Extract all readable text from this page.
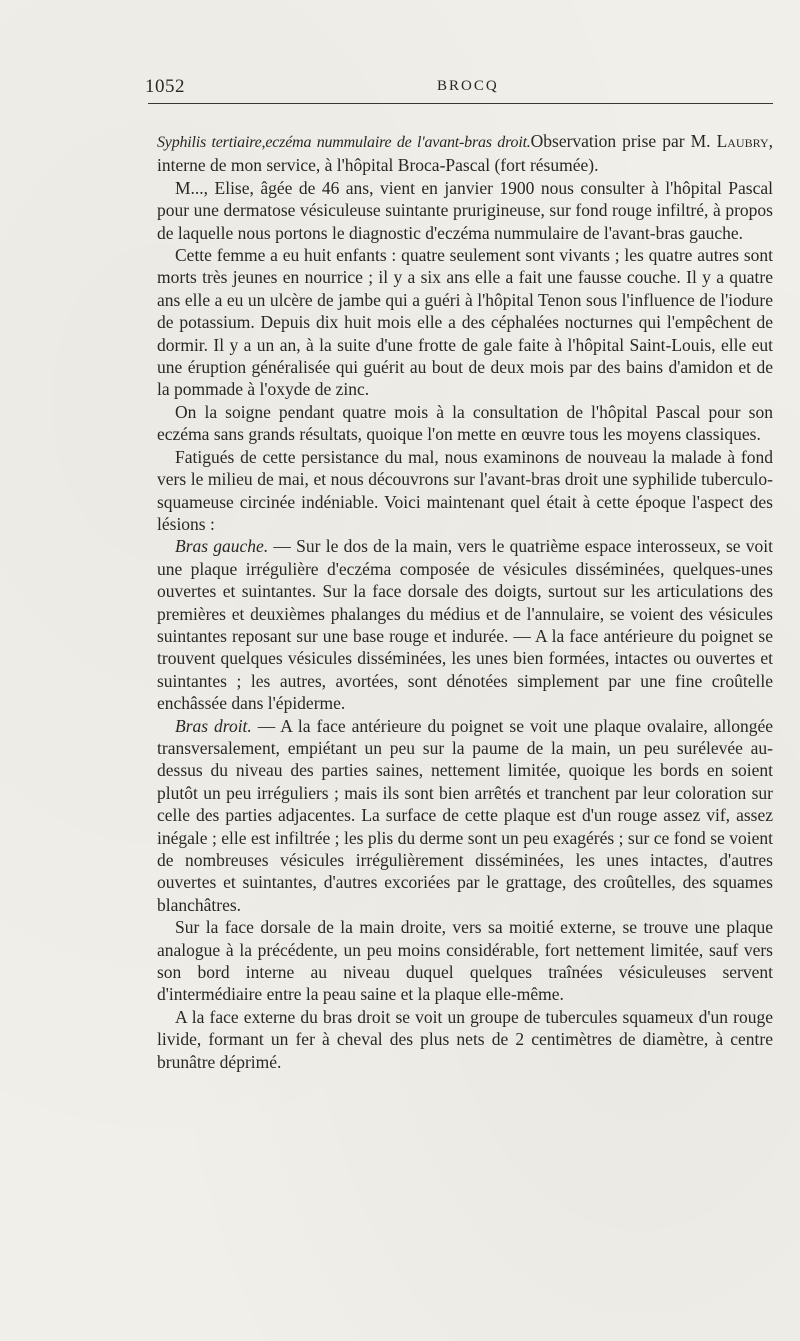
1052	BROCQ

Syphilis tertiaire,eczéma nummulaire de l'avant-bras droit.Observation prise par M. Laubry, interne de mon service, à l'hôpital Broca-Pascal (fort résumée).

M..., Elise, âgée de 46 ans, vient en janvier 1900 nous consulter à l'hôpital Pascal pour une dermatose vésiculeuse suintante prurigineuse, sur fond rouge infiltré, à propos de laquelle nous portons le diagnostic d'eczéma nummulaire de l'avant-bras gauche.

Cette femme a eu huit enfants : quatre seulement sont vivants ; les quatre autres sont morts très jeunes en nourrice ; il y a six ans elle a fait une fausse couche. Il y a quatre ans elle a eu un ulcère de jambe qui a guéri à l'hôpital Tenon sous l'influence de l'iodure de potassium. Depuis dix huit mois elle a des céphalées nocturnes qui l'empêchent de dormir. Il y a un an, à la suite d'une frotte de gale faite à l'hôpital Saint-Louis, elle eut une éruption généralisée qui guérit au bout de deux mois par des bains d'amidon et de la pommade à l'oxyde de zinc.

On la soigne pendant quatre mois à la consultation de l'hôpital Pascal pour son eczéma sans grands résultats, quoique l'on mette en œuvre tous les moyens classiques.

Fatigués de cette persistance du mal, nous examinons de nouveau la malade à fond vers le milieu de mai, et nous découvrons sur l'avant-bras droit une syphilide tuberculo-squameuse circinée indéniable. Voici maintenant quel était à cette époque l'aspect des lésions :

Bras gauche. — Sur le dos de la main, vers le quatrième espace interosseux, se voit une plaque irrégulière d'eczéma composée de vésicules disséminées, quelques-unes ouvertes et suintantes. Sur la face dorsale des doigts, surtout sur les articulations des premières et deuxièmes phalanges du médius et de l'annulaire, se voient des vésicules suintantes reposant sur une base rouge et indurée. — A la face antérieure du poignet se trouvent quelques vésicules disséminées, les unes bien formées, intactes ou ouvertes et suintantes ; les autres, avortées, sont dénotées simplement par une fine croûtelle enchâssée dans l'épiderme.

Bras droit. — A la face antérieure du poignet se voit une plaque ovalaire, allongée transversalement, empiétant un peu sur la paume de la main, un peu surélevée au-dessus du niveau des parties saines, nettement limitée, quoique les bords en soient plutôt un peu irréguliers ; mais ils sont bien arrêtés et tranchent par leur coloration sur celle des parties adjacentes. La surface de cette plaque est d'un rouge assez vif, assez inégale ; elle est infiltrée ; les plis du derme sont un peu exagérés ; sur ce fond se voient de nombreuses vésicules irrégulièrement disséminées, les unes intactes, d'autres ouvertes et suintantes, d'autres excoriées par le grattage, des croûtelles, des squames blanchâtres.

Sur la face dorsale de la main droite, vers sa moitié externe, se trouve une plaque analogue à la précédente, un peu moins considérable, fort nettement limitée, sauf vers son bord interne au niveau duquel quelques traînées vésiculeuses servent d'intermédiaire entre la peau saine et la plaque elle-même.

A la face externe du bras droit se voit un groupe de tubercules squameux d'un rouge livide, formant un fer à cheval des plus nets de 2 centimètres de diamètre, à centre brunâtre déprimé.
